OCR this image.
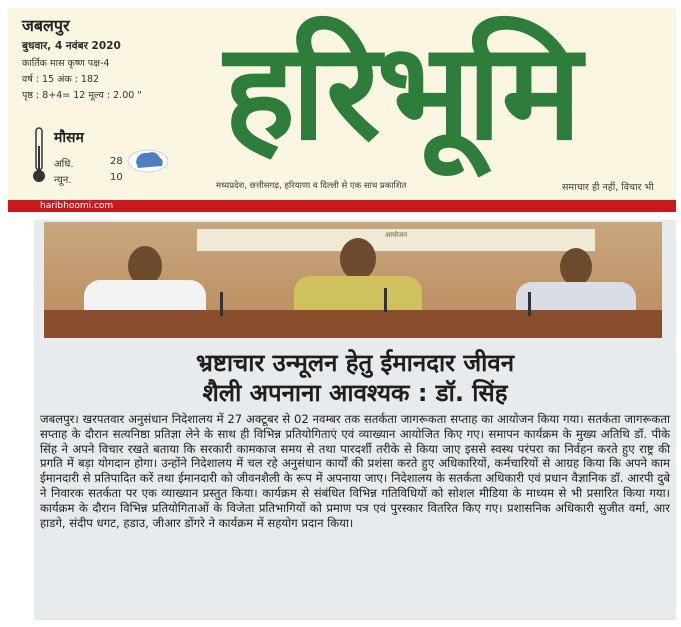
जबलपुर
बुधवार, 4 नवंबर 2020
कार्तिक मास कृष्ण पक्ष-4
वर्ष : 15 अंक : 182
पृष्ठ : 8+4= 12 मूल्य : 2.00 "
मौसम
अधि.	28
न्यून.	10
हरिभूमि
मध्यप्रदेश, छत्तीसगढ़, हरियाणा व दिल्ली से एक साथ प्रकाशित	समाचार ही नहीं, विचार भी
haribhoomi.com
आयोजन
भ्रष्टाचार उन्मूलन हेतु ईमानदार जीवन
शैली अपनाना आवश्यक : डॉ. सिंह
जबलपुर। खरपतवार अनुसंधान निदेशालय में 27 अक्टूबर से 02 नवम्बर तक सतर्कता जागरूकता सप्ताह का आयोजन किया गया। सतर्कता जागरूकता सप्ताह के दौरान सत्यनिष्ठा प्रतिज्ञा लेने के साथ ही विभिन्न प्रतियोगिताएं एवं व्याख्यान आयोजित किए गए। समापन कार्यक्रम के मुख्य अतिथि डॉ. पीके सिंह ने अपने विचार रखते बताया कि सरकारी कामकाज समय से तथा पारदर्शी तरीके से किया जाए इससे स्वस्थ परंपरा का निर्वहन करते हुए राष्ट्र की प्रगति में बड़ा योगदान होगा। उन्होंने निदेशालय में चल रहे अनुसंधान कार्यों की प्रशंसा करते हुए अधिकारियों, कर्मचारियों से आग्रह किया कि अपने काम ईमानदारी से प्रतिपादित करें तथा ईमानदारी को जीवनशैली के रूप में अपनाया जाए। निदेशालय के सतर्कता अधिकारी एवं प्रधान वैज्ञानिक डॉ. आरपी दुबे ने निवारक सतर्कता पर एक व्याख्यान प्रस्तुत किया। कार्यक्रम से संबंधित विभिन्न गतिविधियों को सोशल मीडिया के माध्यम से भी प्रसारित किया गया। कार्यक्रम के दौरान विभिन्न प्रतियोगिताओं के विजेता प्रतिभागियों को प्रमाण पत्र एवं पुरस्कार वितरित किए गए। प्रशासनिक अधिकारी सुजीत वर्मा, आर हाडगे, संदीप धगट, हडाउ, जीआर डोंगरे ने कार्यक्रम में सहयोग प्रदान किया।
